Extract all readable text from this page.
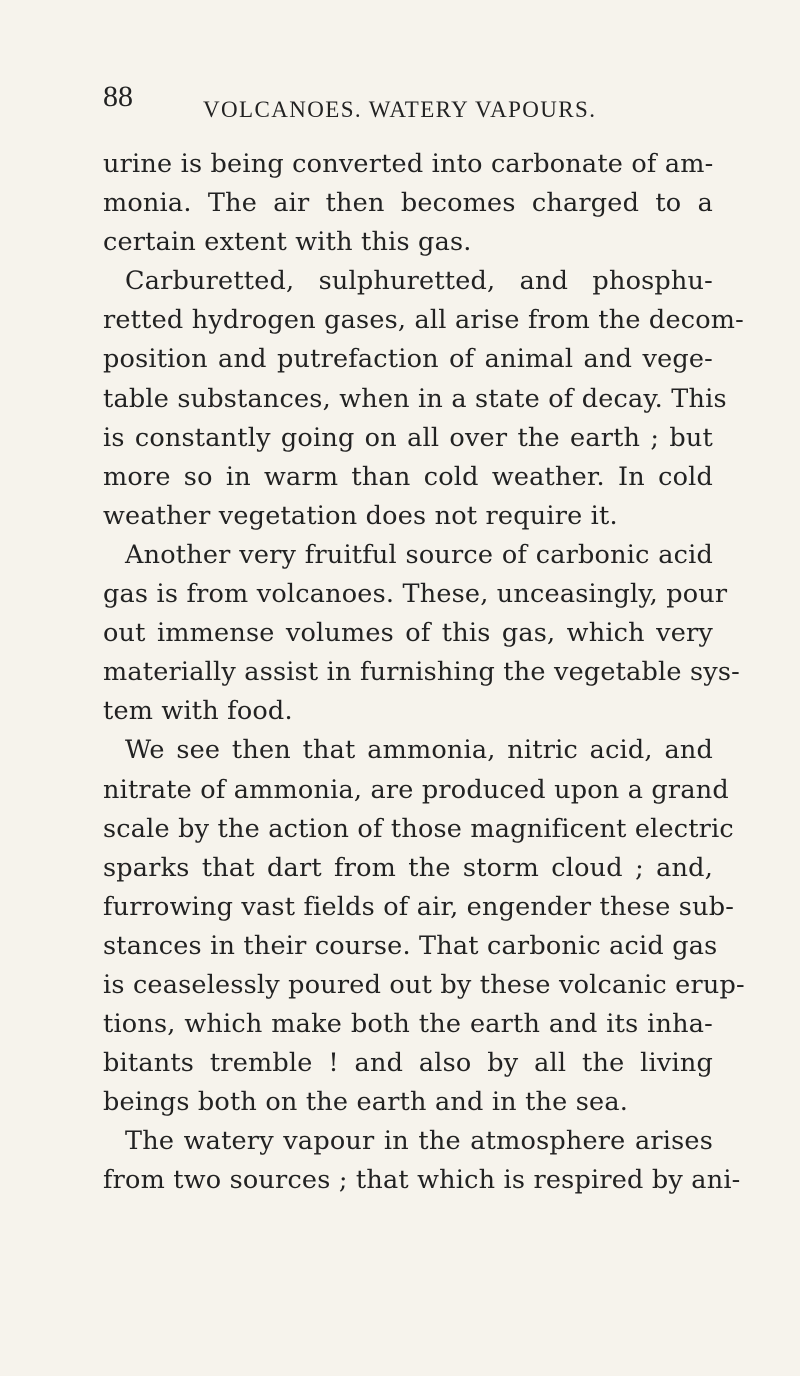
88	VOLCANOES. WATERY VAPOURS.
urine is being converted into carbonate of am-
monia. The air then becomes charged to a
certain extent with this gas.
Carburetted, sulphuretted, and phosphu-
retted hydrogen gases, all arise from the decom-
position and putrefaction of animal and vege-
table substances, when in a state of decay. This
is constantly going on all over the earth ; but
more so in warm than cold weather. In cold
weather vegetation does not require it.
Another very fruitful source of carbonic acid
gas is from volcanoes. These, unceasingly, pour
out immense volumes of this gas, which very
materially assist in furnishing the vegetable sys-
tem with food.
We see then that ammonia, nitric acid, and
nitrate of ammonia, are produced upon a grand
scale by the action of those magnificent electric
sparks that dart from the storm cloud ; and,
furrowing vast fields of air, engender these sub-
stances in their course. That carbonic acid gas
is ceaselessly poured out by these volcanic erup-
tions, which make both the earth and its inha-
bitants tremble ! and also by all the living
beings both on the earth and in the sea.
The watery vapour in the atmosphere arises
from two sources ; that which is respired by ani-
